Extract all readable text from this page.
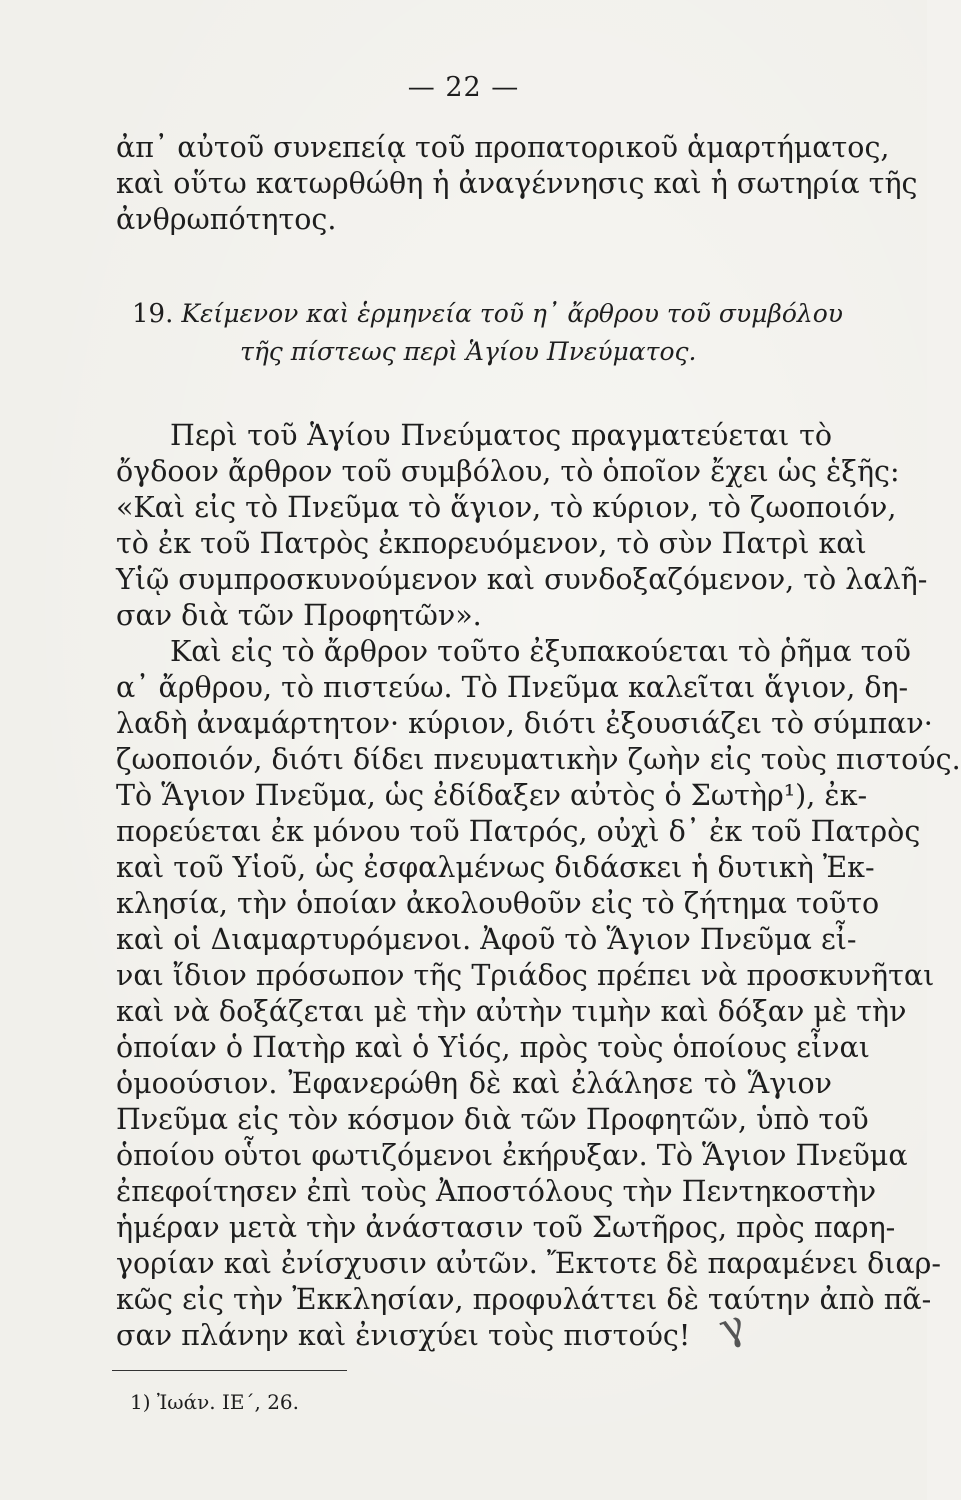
— 22 —
ἀπ᾿ αὐτοῦ συνεπείᾳ τοῦ προπατορικοῦ ἁμαρτήματος,
καὶ οὕτω κατωρθώθη ἡ ἀναγέννησις καὶ ἡ σωτηρία τῆς
ἀνθρωπότητος.
19. Κείμενον καὶ ἑρμηνεία τοῦ η᾿ ἄρθρου τοῦ συμβόλου
τῆς πίστεως περὶ Ἁγίου Πνεύματος.
Περὶ τοῦ Ἁγίου Πνεύματος πραγματεύεται τὸ
ὄγδοον ἄρθρον τοῦ συμβόλου, τὸ ὁποῖον ἔχει ὡς ἑξῆς:
«Καὶ εἰς τὸ Πνεῦμα τὸ ἅγιον, τὸ κύριον, τὸ ζωοποιόν,
τὸ ἐκ τοῦ Πατρὸς ἐκπορευόμενον, τὸ σὺν Πατρὶ καὶ
Υἱῷ συμπροσκυνούμενον καὶ συνδοξαζόμενον, τὸ λαλῆ-
σαν διὰ τῶν Προφητῶν».
Καὶ εἰς τὸ ἄρθρον τοῦτο ἐξυπακούεται τὸ ῥῆμα τοῦ
α᾿ ἄρθρου, τὸ πιστεύω. Τὸ Πνεῦμα καλεῖται ἅγιον, δη-
λαδὴ ἀναμάρτητον· κύριον, διότι ἐξουσιάζει τὸ σύμπαν·
ζωοποιόν, διότι δίδει πνευματικὴν ζωὴν εἰς τοὺς πιστούς.
Τὸ Ἅγιον Πνεῦμα, ὡς ἐδίδαξεν αὐτὸς ὁ Σωτὴρ¹), ἐκ-
πορεύεται ἐκ μόνου τοῦ Πατρός, οὐχὶ δ᾿ ἐκ τοῦ Πατρὸς
καὶ τοῦ Υἱοῦ, ὡς ἐσφαλμένως διδάσκει ἡ δυτικὴ Ἐκ-
κλησία, τὴν ὁποίαν ἀκολουθοῦν εἰς τὸ ζήτημα τοῦτο
καὶ οἱ Διαμαρτυρόμενοι. Ἀφοῦ τὸ Ἅγιον Πνεῦμα εἶ-
ναι ἴδιον πρόσωπον τῆς Τριάδος πρέπει νὰ προσκυνῆται
καὶ νὰ δοξάζεται μὲ τὴν αὐτὴν τιμὴν καὶ δόξαν μὲ τὴν
ὁποίαν ὁ Πατὴρ καὶ ὁ Υἱός, πρὸς τοὺς ὁποίους εἶναι
ὁμοούσιον. Ἐφανερώθη δὲ καὶ ἐλάλησε τὸ Ἅγιον
Πνεῦμα εἰς τὸν κόσμον διὰ τῶν Προφητῶν, ὑπὸ τοῦ
ὁποίου οὗτοι φωτιζόμενοι ἐκήρυξαν. Τὸ Ἅγιον Πνεῦμα
ἐπεφοίτησεν ἐπὶ τοὺς Ἀποστόλους τὴν Πεντηκοστὴν
ἡμέραν μετὰ τὴν ἀνάστασιν τοῦ Σωτῆρος, πρὸς παρη-
γορίαν καὶ ἐνίσχυσιν αὐτῶν. Ἔκτοτε δὲ παραμένει διαρ-
κῶς εἰς τὴν Ἐκκλησίαν, προφυλάττει δὲ ταύτην ἀπὸ πᾶ-
σαν πλάνην καὶ ἐνισχύει τοὺς πιστούς! γ
1) Ἰωάν. ΙΕ΄, 26.
